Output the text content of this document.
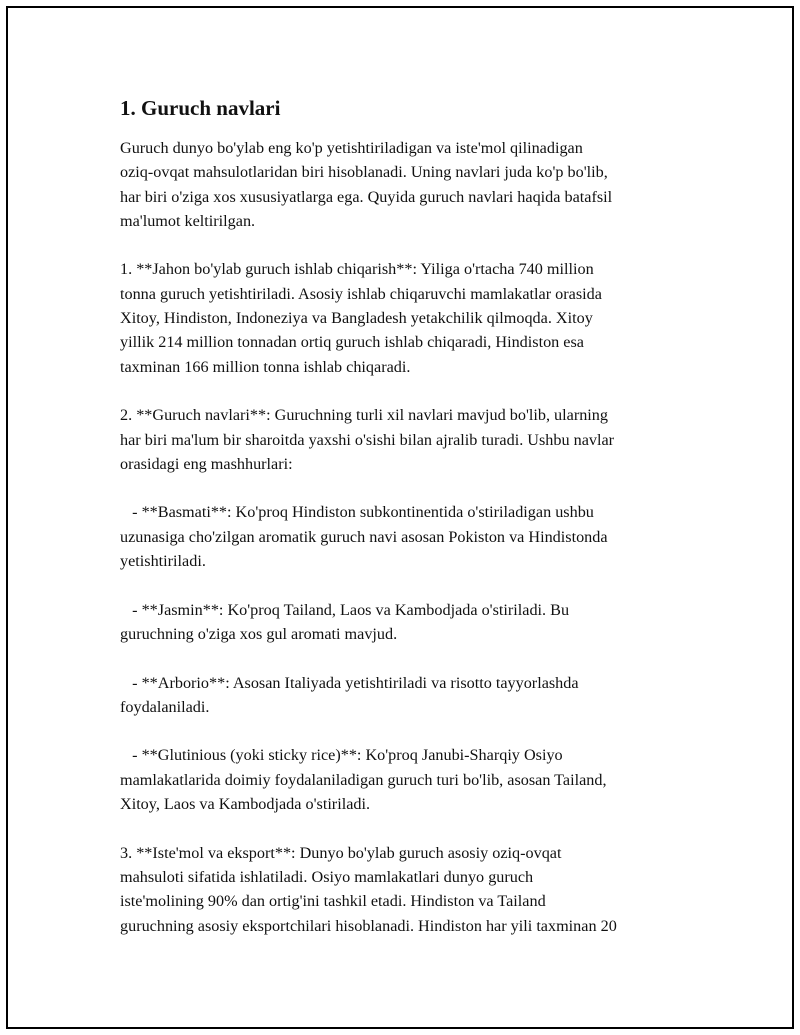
1. Guruch navlari

Guruch dunyo bo'ylab eng ko'p yetishtiriladigan va iste'mol qilinadigan
oziq-ovqat mahsulotlaridan biri hisoblanadi. Uning navlari juda ko'p bo'lib,
har biri o'ziga xos xususiyatlarga ega. Quyida guruch navlari haqida batafsil
ma'lumot keltirilgan.

1. **Jahon bo'ylab guruch ishlab chiqarish**: Yiliga o'rtacha 740 million
tonna guruch yetishtiriladi. Asosiy ishlab chiqaruvchi mamlakatlar orasida
Xitoy, Hindiston, Indoneziya va Bangladesh yetakchilik qilmoqda. Xitoy
yillik 214 million tonnadan ortiq guruch ishlab chiqaradi, Hindiston esa
taxminan 166 million tonna ishlab chiqaradi.

2. **Guruch navlari**: Guruchning turli xil navlari mavjud bo'lib, ularning
har biri ma'lum bir sharoitda yaxshi o'sishi bilan ajralib turadi. Ushbu navlar
orasidagi eng mashhurlari:

- **Basmati**: Ko'proq Hindiston subkontinentida o'stiriladigan ushbu
uzunasiga cho'zilgan aromatik guruch navi asosan Pokiston va Hindistonda
yetishtiriladi.

- **Jasmin**: Ko'proq Tailand, Laos va Kambodjada o'stiriladi. Bu
guruchning o'ziga xos gul aromati mavjud.

- **Arborio**: Asosan Italiyada yetishtiriladi va risotto tayyorlashda
foydalaniladi.

- **Glutinious (yoki sticky rice)**: Ko'proq Janubi-Sharqiy Osiyo
mamlakatlarida doimiy foydalaniladigan guruch turi bo'lib, asosan Tailand,
Xitoy, Laos va Kambodjada o'stiriladi.

3. **Iste'mol va eksport**: Dunyo bo'ylab guruch asosiy oziq-ovqat
mahsuloti sifatida ishlatiladi. Osiyo mamlakatlari dunyo guruch
iste'molining 90% dan ortig'ini tashkil etadi. Hindiston va Tailand
guruchning asosiy eksportchilari hisoblanadi. Hindiston har yili taxminan 20
